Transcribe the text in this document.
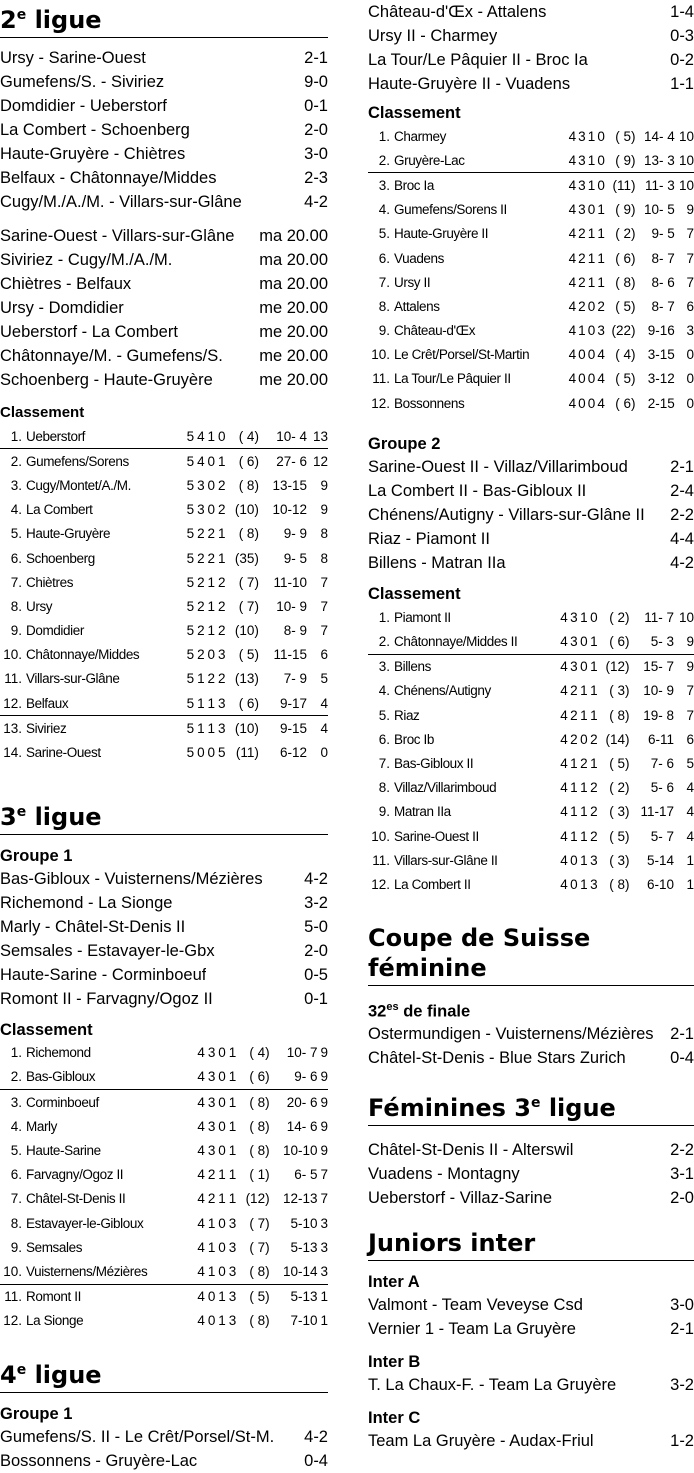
2e ligue
Ursy - Sarine-Ouest	2-1
Gumefens/S. - Siviriez	9-0
Domdidier - Ueberstorf	0-1
La Combert - Schoenberg	2-0
Haute-Gruyère - Chiètres	3-0
Belfaux - Châtonnaye/Middes	2-3
Cugy/M./A./M. - Villars-sur-Glâne	4-2
Sarine-Ouest - Villars-sur-Glâne	ma 20.00
Siviriez - Cugy/M./A./M.	ma 20.00
Chiètres - Belfaux	ma 20.00
Ursy - Domdidier	me 20.00
Ueberstorf - La Combert	me 20.00
Châtonnaye/M. - Gumefens/S.	me 20.00
Schoenberg - Haute-Gruyère	me 20.00
Classement
1.	Ueberstorf	5	4	1	0	( 4)	10- 4	13
2.	Gumefens/Sorens	5	4	0	1	( 6)	27- 6	12
3.	Cugy/Montet/A./M.	5	3	0	2	( 8)	13-15	9
4.	La Combert	5	3	0	2	(10)	10-12	9
5.	Haute-Gruyère	5	2	2	1	( 8)	9- 9	8
6.	Schoenberg	5	2	2	1	(35)	9- 5	8
7.	Chiètres	5	2	1	2	( 7)	11-10	7
8.	Ursy	5	2	1	2	( 7)	10- 9	7
9.	Domdidier	5	2	1	2	(10)	8- 9	7
10.	Châtonnaye/Middes	5	2	0	3	( 5)	11-15	6
11.	Villars-sur-Glâne	5	1	2	2	(13)	7- 9	5
12.	Belfaux	5	1	1	3	( 6)	9-17	4
13.	Siviriez	5	1	1	3	(10)	9-15	4
14.	Sarine-Ouest	5	0	0	5	(11)	6-12	0
3e ligue
Groupe 1
Bas-Gibloux - Vuisternens/Mézières	4-2
Richemond - La Sionge	3-2
Marly - Châtel-St-Denis II	5-0
Semsales - Estavayer-le-Gbx	2-0
Haute-Sarine - Corminboeuf	0-5
Romont II - Farvagny/Ogoz II	0-1
Classement
1.	Richemond	4	3	0	1	( 4)	10- 7	9
2.	Bas-Gibloux	4	3	0	1	( 6)	9- 6	9
3.	Corminboeuf	4	3	0	1	( 8)	20- 6	9
4.	Marly	4	3	0	1	( 8)	14- 6	9
5.	Haute-Sarine	4	3	0	1	( 8)	10-10	9
6.	Farvagny/Ogoz II	4	2	1	1	( 1)	6- 5	7
7.	Châtel-St-Denis II	4	2	1	1	(12)	12-13	7
8.	Estavayer-le-Gibloux	4	1	0	3	( 7)	5-10	3
9.	Semsales	4	1	0	3	( 7)	5-13	3
10.	Vuisternens/Mézières	4	1	0	3	( 8)	10-14	3
11.	Romont II	4	0	1	3	( 5)	5-13	1
12.	La Sionge	4	0	1	3	( 8)	7-10	1
4e ligue
Groupe 1
Gumefens/S. II - Le Crêt/Porsel/St-M.	4-2
Bossonnens - Gruyère-Lac	0-4
Château-d'Œx - Attalens	1-4
Ursy II - Charmey	0-3
La Tour/Le Pâquier II - Broc Ia	0-2
Haute-Gruyère II - Vuadens	1-1
Classement
1.	Charmey	4	3	1	0	( 5)	14- 4	10
2.	Gruyère-Lac	4	3	1	0	( 9)	13- 3	10
3.	Broc Ia	4	3	1	0	(11)	11- 3	10
4.	Gumefens/Sorens II	4	3	0	1	( 9)	10- 5	9
5.	Haute-Gruyère II	4	2	1	1	( 2)	9- 5	7
6.	Vuadens	4	2	1	1	( 6)	8- 7	7
7.	Ursy II	4	2	1	1	( 8)	8- 6	7
8.	Attalens	4	2	0	2	( 5)	8- 7	6
9.	Château-d'Œx	4	1	0	3	(22)	9-16	3
10.	Le Crêt/Porsel/St-Martin	4	0	0	4	( 4)	3-15	0
11.	La Tour/Le Pâquier II	4	0	0	4	( 5)	3-12	0
12.	Bossonnens	4	0	0	4	( 6)	2-15	0
Groupe 2
Sarine-Ouest II - Villaz/Villarimboud	2-1
La Combert II - Bas-Gibloux II	2-4
Chénens/Autigny - Villars-sur-Glâne II	2-2
Riaz - Piamont II	4-4
Billens - Matran IIa	4-2
Classement
1.	Piamont II	4	3	1	0	( 2)	11- 7	10
2.	Châtonnaye/Middes II	4	3	0	1	( 6)	5- 3	9
3.	Billens	4	3	0	1	(12)	15- 7	9
4.	Chénens/Autigny	4	2	1	1	( 3)	10- 9	7
5.	Riaz	4	2	1	1	( 8)	19- 8	7
6.	Broc Ib	4	2	0	2	(14)	6-11	6
7.	Bas-Gibloux II	4	1	2	1	( 5)	7- 6	5
8.	Villaz/Villarimboud	4	1	1	2	( 2)	5- 6	4
9.	Matran IIa	4	1	1	2	( 3)	11-17	4
10.	Sarine-Ouest II	4	1	1	2	( 5)	5- 7	4
11.	Villars-sur-Glâne II	4	0	1	3	( 3)	5-14	1
12.	La Combert II	4	0	1	3	( 8)	6-10	1
Coupe de Suisse féminine
$32^{es}$ de finale
Ostermundigen - Vuisternens/Mézières	2-1
Châtel-St-Denis - Blue Stars Zurich	0-4
Féminines 3e ligue
Châtel-St-Denis II - Alterswil	2-2
Vuadens - Montagny	3-1
Ueberstorf - Villaz-Sarine	2-0
Juniors inter
Inter A
Valmont - Team Veveyse Csd	3-0
Vernier 1 - Team La Gruyère	2-1
Inter B
T. La Chaux-F. - Team La Gruyère	3-2
Inter C
Team La Gruyère - Audax-Friul	1-2
